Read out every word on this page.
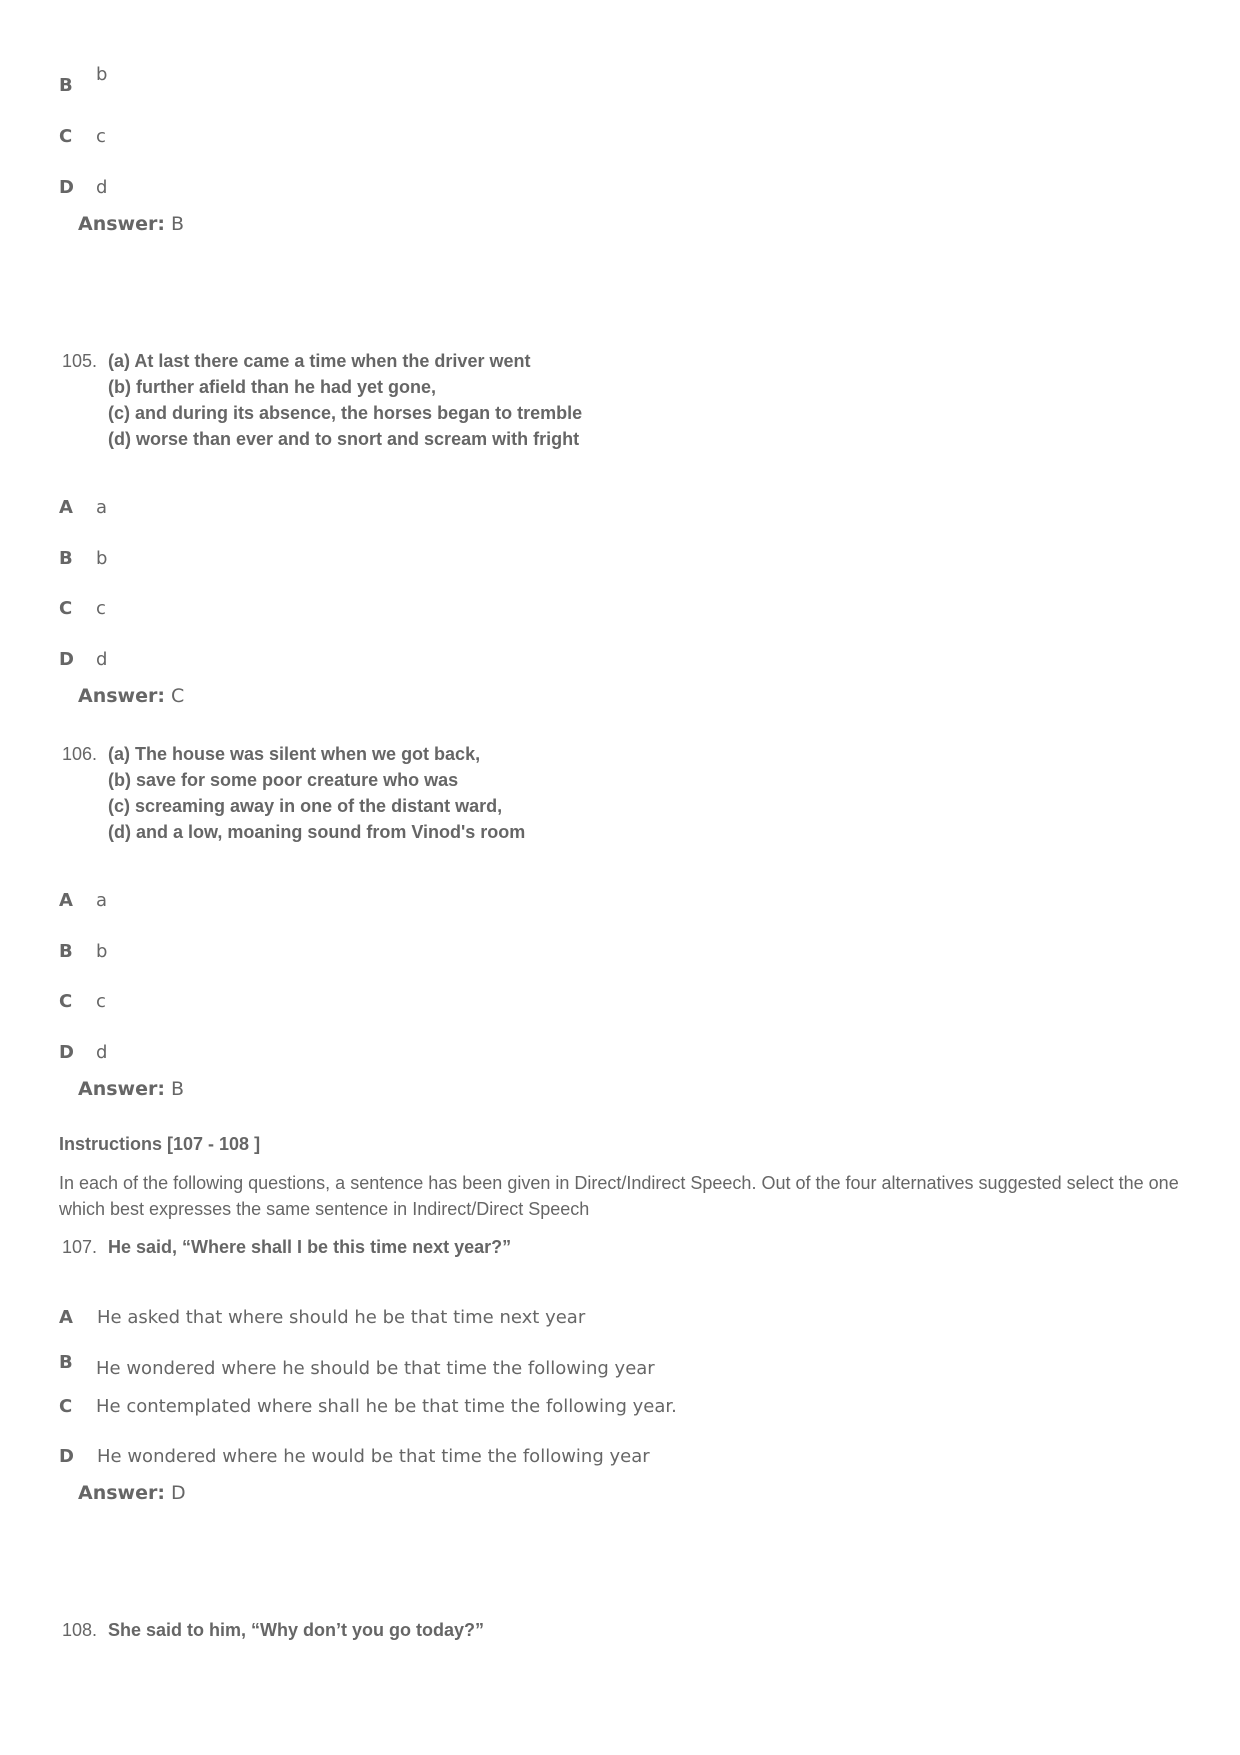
B
b
C c
D d
Answer: B
105. (a) At last there came a time when the driver went
(b) further afield than he had yet gone,
(c) and during its absence, the horses began to tremble
(d) worse than ever and to snort and scream with fright
A a
B b
C c
D d
Answer: C
106. (a) The house was silent when we got back,
(b) save for some poor creature who was
(c) screaming away in one of the distant ward,
(d) and a low, moaning sound from Vinod's room
A a
B b
C c
D d
Answer: B
Instructions [107 - 108 ]
In each of the following questions, a sentence has been given in Direct/Indirect Speech. Out of the four alternatives suggested select the one which best expresses the same sentence in Indirect/Direct Speech
107. He said, “Where shall I be this time next year?”
A He asked that where should he be that time next year
B He wondered where he should be that time the following year
C He contemplated where shall he be that time the following year.
D He wondered where he would be that time the following year
Answer: D
108. She said to him, “Why don’t you go today?”
